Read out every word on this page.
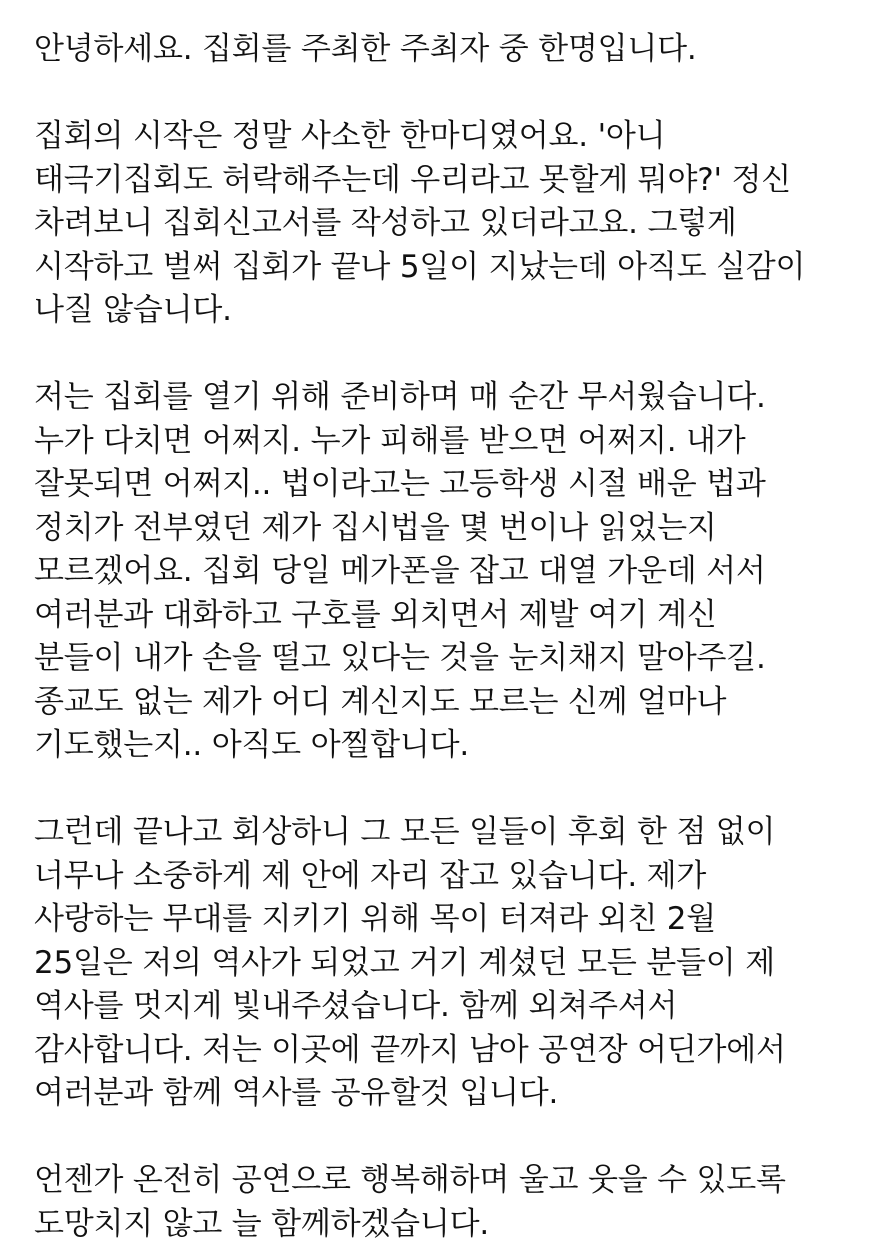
안녕하세요. 집회를 주최한 주최자 중 한명입니다.
집회의 시작은 정말 사소한 한마디였어요. '아니
태극기집회도 허락해주는데 우리라고 못할게 뭐야?' 정신
차려보니 집회신고서를 작성하고 있더라고요. 그렇게
시작하고 벌써 집회가 끝나 5일이 지났는데 아직도 실감이
나질 않습니다.
저는 집회를 열기 위해 준비하며 매 순간 무서웠습니다.
누가 다치면 어쩌지. 누가 피해를 받으면 어쩌지. 내가
잘못되면 어쩌지.. 법이라고는 고등학생 시절 배운 법과
정치가 전부였던 제가 집시법을 몇 번이나 읽었는지
모르겠어요. 집회 당일 메가폰을 잡고 대열 가운데 서서
여러분과 대화하고 구호를 외치면서 제발 여기 계신
분들이 내가 손을 떨고 있다는 것을 눈치채지 말아주길.
종교도 없는 제가 어디 계신지도 모르는 신께 얼마나
기도했는지.. 아직도 아찔합니다.
그런데 끝나고 회상하니 그 모든 일들이 후회 한 점 없이
너무나 소중하게 제 안에 자리 잡고 있습니다. 제가
사랑하는 무대를 지키기 위해 목이 터져라 외친 2월
25일은 저의 역사가 되었고 거기 계셨던 모든 분들이 제
역사를 멋지게 빛내주셨습니다. 함께 외쳐주셔서
감사합니다. 저는 이곳에 끝까지 남아 공연장 어딘가에서
여러분과 함께 역사를 공유할것 입니다.
언젠가 온전히 공연으로 행복해하며 울고 웃을 수 있도록
도망치지 않고 늘 함께하겠습니다.
